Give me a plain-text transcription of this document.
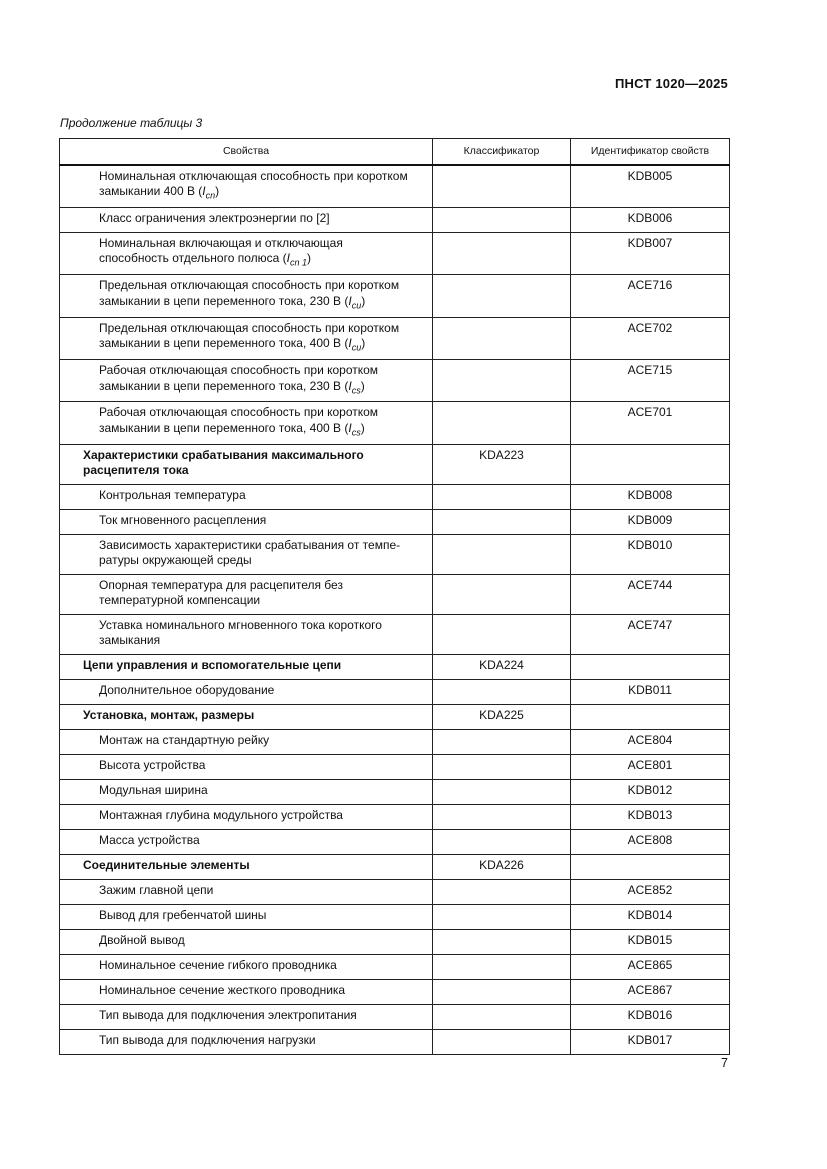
ПНСТ 1020—2025
Продолжение таблицы 3
Свойства	Классификатор	Идентификатор свойств
Номинальная отключающая способность при коротком
замыкании 400 В $(I_{cn})$		KDB005
Класс ограничения электроэнергии по [2]		KDB006
Номинальная включающая и отключающая
способность отдельного полюса $(I_{cn 1})$		KDB007
Предельная отключающая способность при коротком
замыкании в цепи переменного тока, 230 В $(I_{cu})$		ACE716
Предельная отключающая способность при коротком
замыкании в цепи переменного тока, 400 В $(I_{cu})$		ACE702
Рабочая отключающая способность при коротком
замыкании в цепи переменного тока, 230 В $(I_{cs})$		ACE715
Рабочая отключающая способность при коротком
замыкании в цепи переменного тока, 400 В $(I_{cs})$		ACE701
Характеристики срабатывания максимального
расцепителя тока	KDA223	
Контрольная температура		KDB008
Ток мгновенного расцепления		KDB009
Зависимость характеристики срабатывания от темпе-
ратуры окружающей среды		KDB010
Опорная температура для расцепителя без
температурной компенсации		ACE744
Уставка номинального мгновенного тока короткого
замыкания		ACE747
Цепи управления и вспомогательные цепи	KDA224	
Дополнительное оборудование		KDB011
Установка, монтаж, размеры	KDA225	
Монтаж на стандартную рейку		ACE804
Высота устройства		ACE801
Модульная ширина		KDB012
Монтажная глубина модульного устройства		KDB013
Масса устройства		ACE808
Соединительные элементы	KDA226	
Зажим главной цепи		ACE852
Вывод для гребенчатой шины		KDB014
Двойной вывод		KDB015
Номинальное сечение гибкого проводника		ACE865
Номинальное сечение жесткого проводника		ACE867
Тип вывода для подключения электропитания		KDB016
Тип вывода для подключения нагрузки		KDB017
7
